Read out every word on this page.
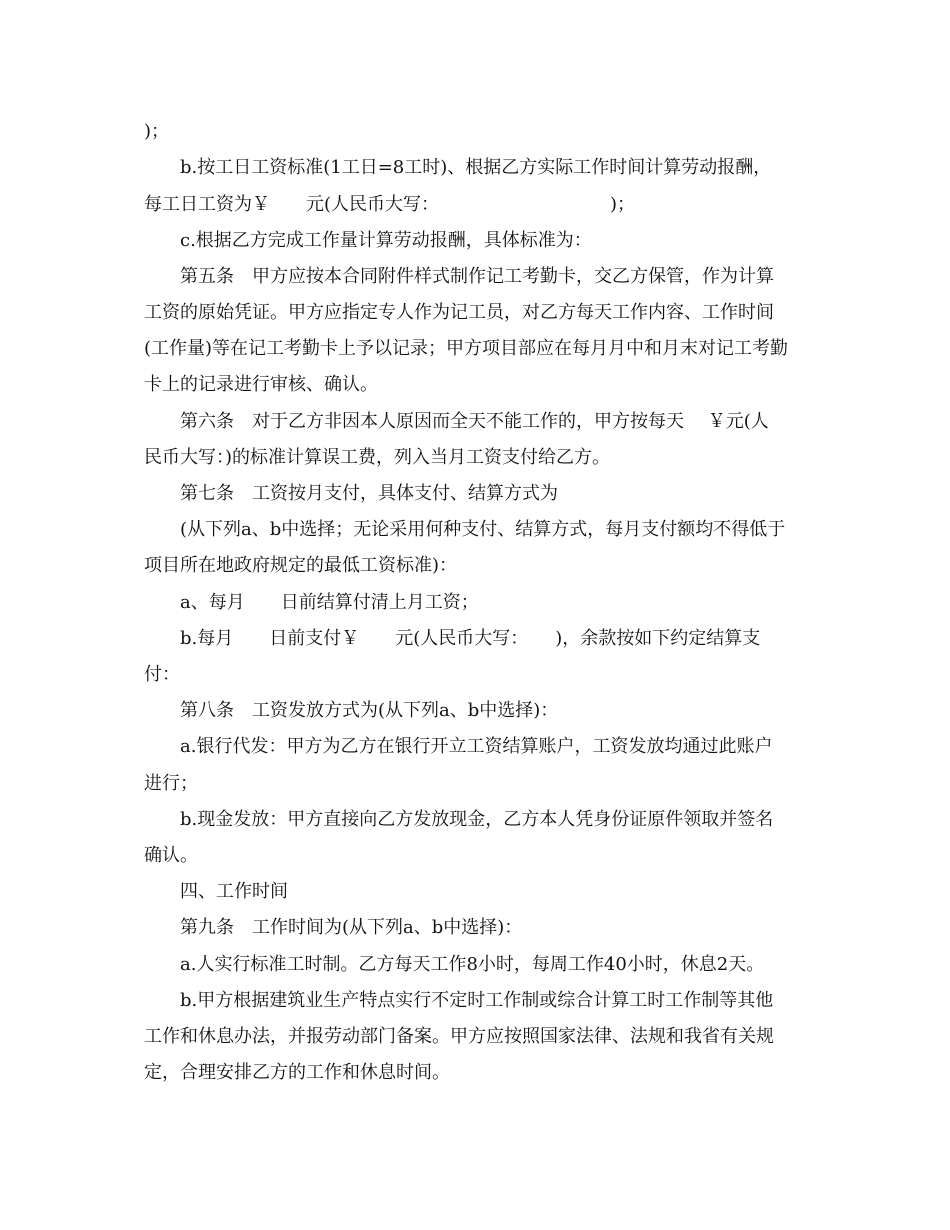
)；
b.按工日工资标准(1工日=8工时)、根据乙方实际工作时间计算劳动报酬，
每工日工资为￥　　元(人民币大写：　　　　　　　　　　)；
c.根据乙方完成工作量计算劳动报酬，具体标准为：
第五条　甲方应按本合同附件样式制作记工考勤卡，交乙方保管，作为计算
工资的原始凭证。甲方应指定专人作为记工员，对乙方每天工作内容、工作时间
(工作量)等在记工考勤卡上予以记录；甲方项目部应在每月月中和月末对记工考勤
卡上的记录进行审核、确认。
第六条　对于乙方非因本人原因而全天不能工作的，甲方按每天　 ￥元(人
民币大写：)的标准计算误工费，列入当月工资支付给乙方。
第七条　工资按月支付，具体支付、结算方式为
(从下列a、b中选择；无论采用何种支付、结算方式，每月支付额均不得低于
项目所在地政府规定的最低工资标准)：
a、每月　　日前结算付清上月工资；
b.每月　　日前支付￥　　元(人民币大写：　　)，余款按如下约定结算支
付：
第八条　工资发放方式为(从下列a、b中选择)：
a.银行代发：甲方为乙方在银行开立工资结算账户，工资发放均通过此账户
进行；
b.现金发放：甲方直接向乙方发放现金，乙方本人凭身份证原件领取并签名
确认。
四、工作时间
第九条　工作时间为(从下列a、b中选择)：
a.人实行标准工时制。乙方每天工作8小时，每周工作40小时，休息2天。
b.甲方根据建筑业生产特点实行不定时工作制或综合计算工时工作制等其他
工作和休息办法，并报劳动部门备案。甲方应按照国家法律、法规和我省有关规
定，合理安排乙方的工作和休息时间。
